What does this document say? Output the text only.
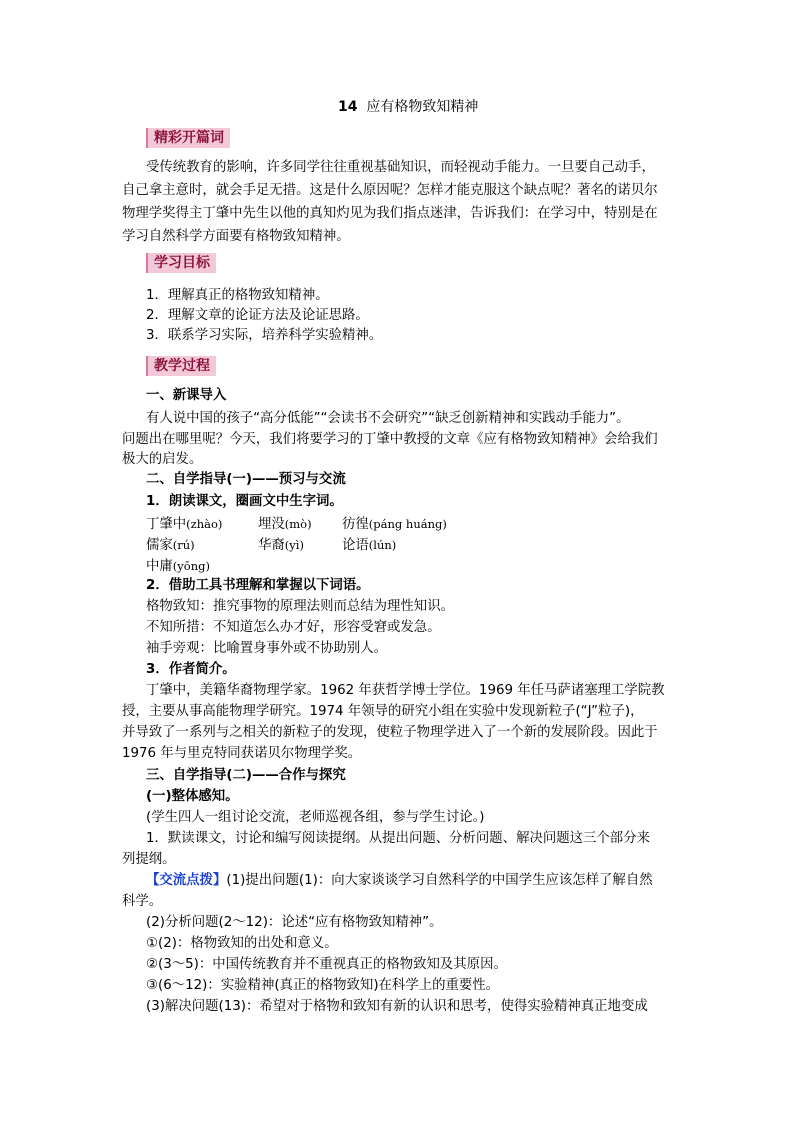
14 应有格物致知精神
精彩开篇词
受传统教育的影响，许多同学往往重视基础知识，而轻视动手能力。一旦要自己动手，
自己拿主意时，就会手足无措。这是什么原因呢？怎样才能克服这个缺点呢？著名的诺贝尔
物理学奖得主丁肇中先生以他的真知灼见为我们指点迷津，告诉我们：在学习中，特别是在
学习自然科学方面要有格物致知精神。
学习目标
1．理解真正的格物致知精神。
2．理解文章的论证方法及论证思路。
3．联系学习实际，培养科学实验精神。
教学过程
一、新课导入
有人说中国的孩子“高分低能”“会读书不会研究”“缺乏创新精神和实践动手能力”。
问题出在哪里呢？今天，我们将要学习的丁肇中教授的文章《应有格物致知精神》会给我们
极大的启发。
二、自学指导(一)——预习与交流
1．朗读课文，圈画文中生字词。
丁肇中(zhào)	埋没(mò) 彷徨(páng huáng)
儒家(rú)	华裔(yì)	论语(lún)
中庸(yōng)
2．借助工具书理解和掌握以下词语。
格物致知：推究事物的原理法则而总结为理性知识。
不知所措：不知道怎么办才好，形容受窘或发急。
袖手旁观：比喻置身事外或不协助别人。
3．作者简介。
丁肇中，美籍华裔物理学家。1962 年获哲学博士学位。1969 年任马萨诸塞理工学院教
授，主要从事高能物理学研究。1974 年领导的研究小组在实验中发现新粒子(“J”粒子)，
并导致了一系列与之相关的新粒子的发现，使粒子物理学进入了一个新的发展阶段。因此于
1976 年与里克特同获诺贝尔物理学奖。
三、自学指导(二)——合作与探究
(一)整体感知。
(学生四人一组讨论交流，老师巡视各组，参与学生讨论。)
1．默读课文，讨论和编写阅读提纲。从提出问题、分析问题、解决问题这三个部分来
列提纲。
【交流点拨】(1)提出问题(1)：向大家谈谈学习自然科学的中国学生应该怎样了解自然
科学。
(2)分析问题(2～12)：论述“应有格物致知精神”。
①(2)：格物致知的出处和意义。
②(3～5)：中国传统教育并不重视真正的格物致知及其原因。
③(6～12)：实验精神(真正的格物致知)在科学上的重要性。
(3)解决问题(13)：希望对于格物和致知有新的认识和思考，使得实验精神真正地变成
